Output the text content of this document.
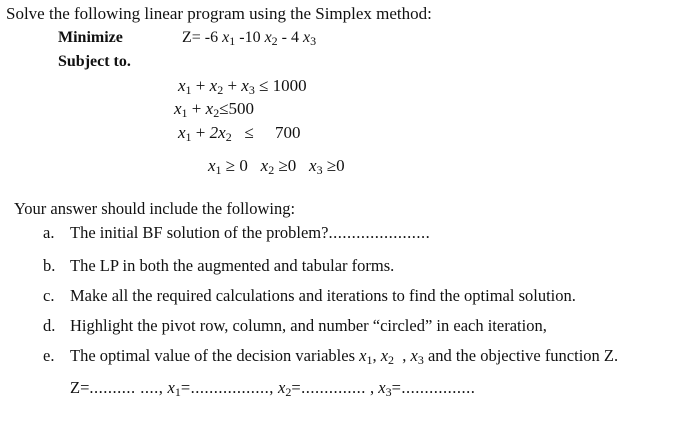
Solve the following linear program using the Simplex method:
Minimize	Z= -6 $x_1$ -10 $x_2 - 4$ $x_3$
Subject to.
$x_1 + x_2 + x_3 \le 1000$
$x_1 + x_2\le 500$
$x_1 + 2x_2 \le 700$
$x_1 \ge 0$ $x_2 \ge 0$ $x_3 \ge 0$
Your answer should include the following:
a. The initial BF solution of the problem?......................
b. The LP in both the augmented and tabular forms.
c. Make all the required calculations and iterations to find the optimal solution.
d. Highlight the pivot row, column, and number “circled” in each iteration,
e. The optimal value of the decision variables $x_1$, $x_2$  , $x_3$ and the objective function Z.
Z=.......... ...., $x_1=$................., $x_2=$.............. , $x_3=$................
